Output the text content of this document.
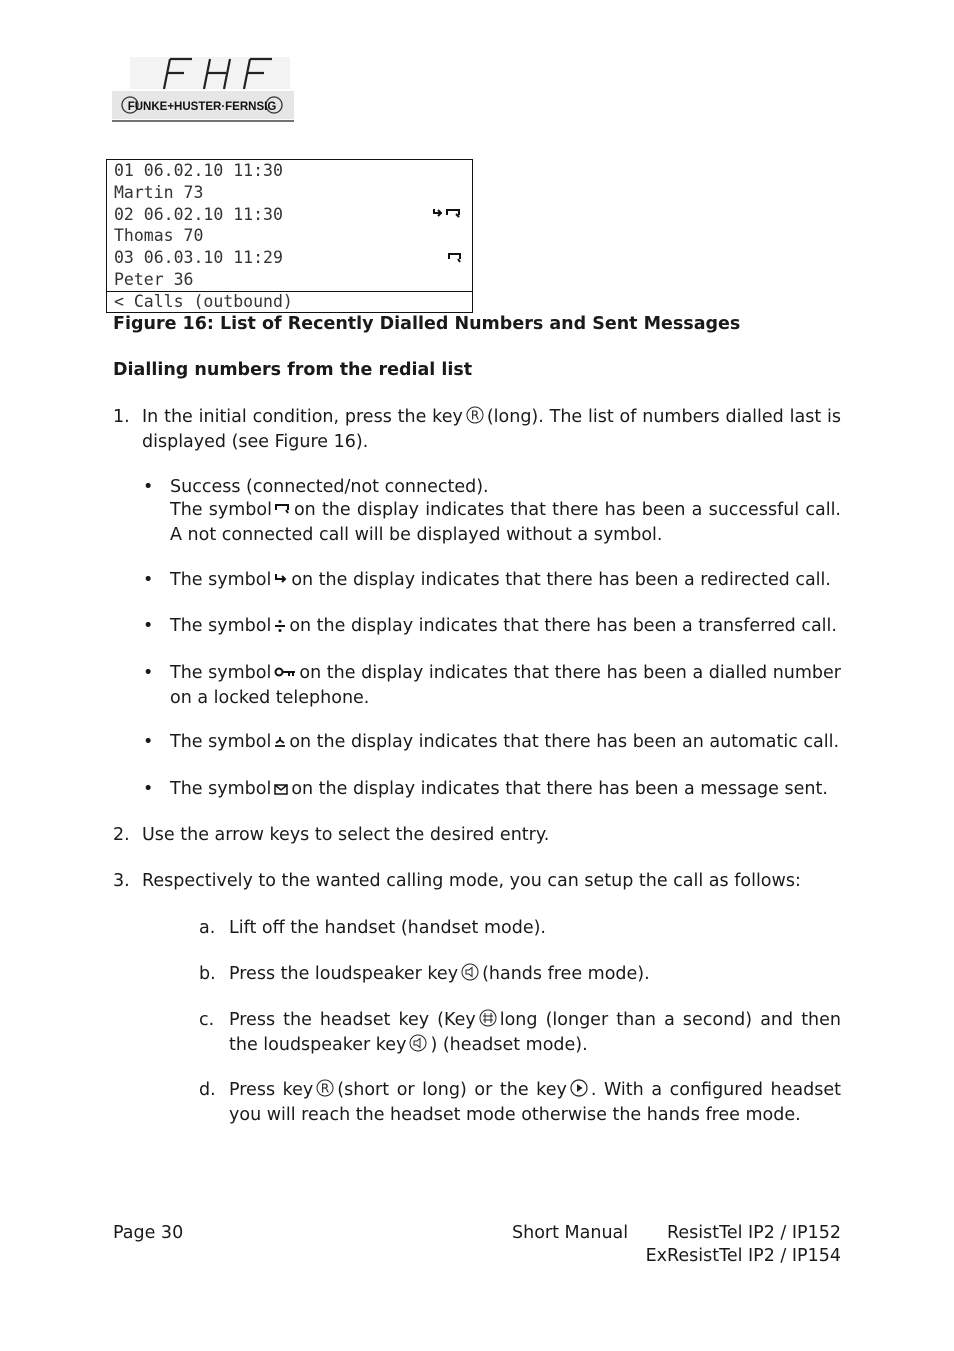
FUNKE+HUSTER·FERNSIG
01 06.02.10 11:30
Martin 73
02 06.02.10 11:30
Thomas 70
03 06.03.10 11:29
Peter 36
< Calls (outbound)
Figure 16: List of Recently Dialled Numbers and Sent Messages
Dialling numbers from the redial list
1. In the initial condition, press the key R (long). The list of numbers dialled last is displayed (see Figure 16).
• Success (connected/not connected).
The symbol on the display indicates that there has been a successful call. A not connected call will be displayed without a symbol.
• The symbol on the display indicates that there has been a redirected call.
• The symbol on the display indicates that there has been a transferred call.
• The symbol on the display indicates that there has been a dialled number on a locked telephone.
• The symbol on the display indicates that there has been an automatic call.
• The symbol on the display indicates that there has been a message sent.
2. Use the arrow keys to select the desired entry.
3. Respectively to the wanted calling mode, you can setup the call as follows:
a. Lift off the handset (handset mode).
b. Press the loudspeaker key (hands free mode).
c. Press the headset key (Key long (longer than a second) and then the loudspeaker key ) (headset mode).
d. Press key R (short or long) or the key . With a configured headset you will reach the headset mode otherwise the hands free mode.
Page 30	Short Manual ResistTel IP2 / IP152
ExResistTel IP2 / IP154
